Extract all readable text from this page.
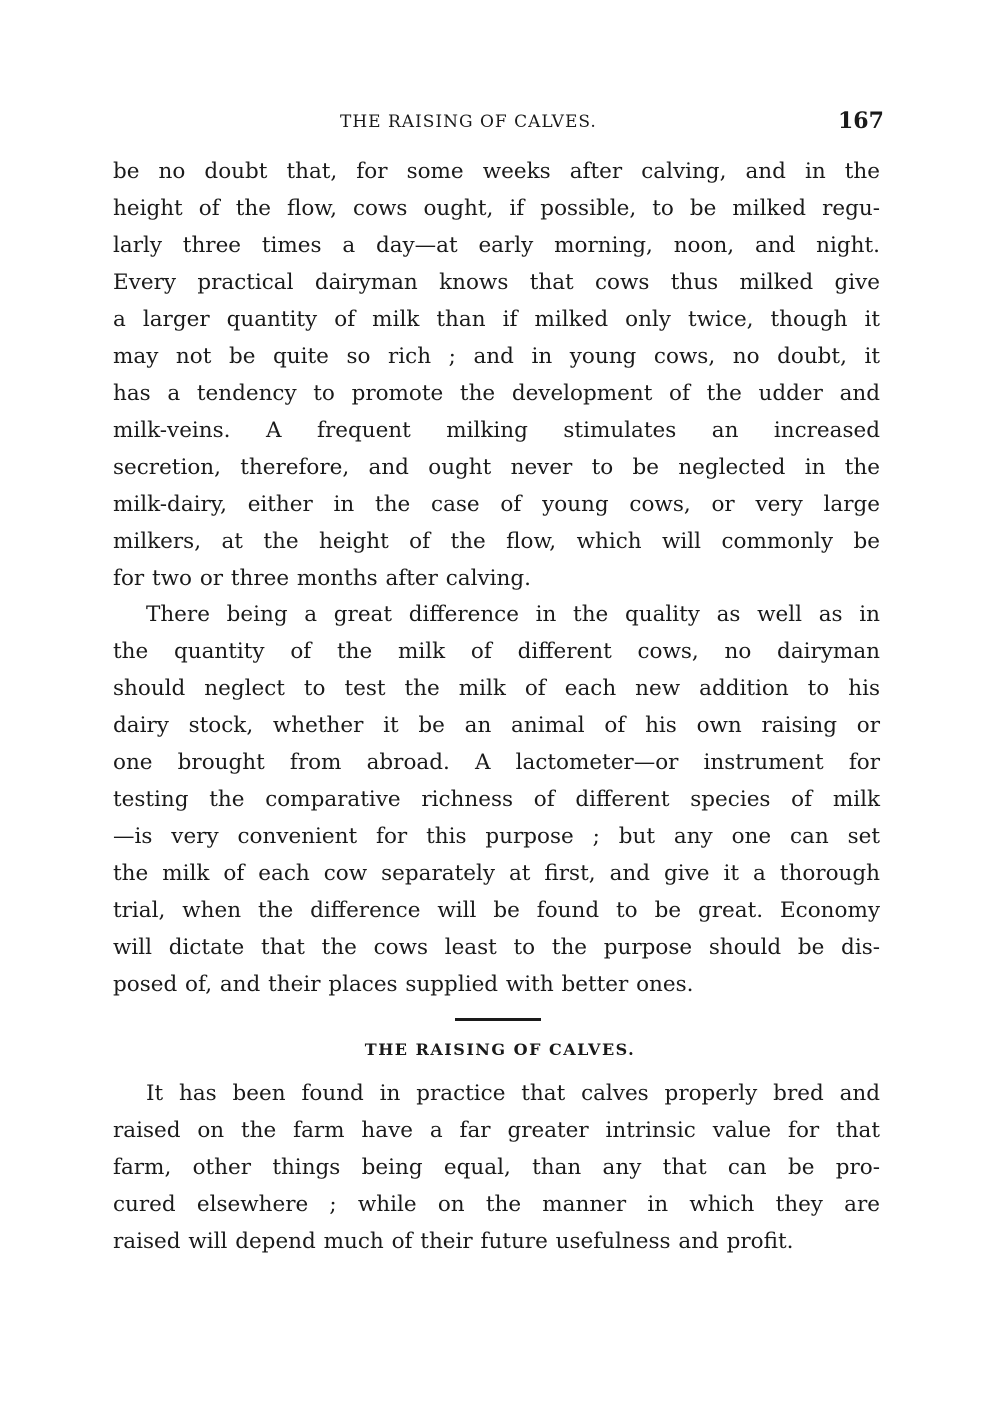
THE RAISING OF CALVES.	167
be no doubt that, for some weeks after calving, and in the
height of the flow, cows ought, if possible, to be milked regu-
larly three times a day—at early morning, noon, and night.
Every practical dairyman knows that cows thus milked give
a larger quantity of milk than if milked only twice, though it
may not be quite so rich ; and in young cows, no doubt, it
has a tendency to promote the development of the udder and
milk-veins. A frequent milking stimulates an increased
secretion, therefore, and ought never to be neglected in the
milk-dairy, either in the case of young cows, or very large
milkers, at the height of the flow, which will commonly be
for two or three months after calving.
There being a great difference in the quality as well as in
the quantity of the milk of different cows, no dairyman
should neglect to test the milk of each new addition to his
dairy stock, whether it be an animal of his own raising or
one brought from abroad. A lactometer—or instrument for
testing the comparative richness of different species of milk
—is very convenient for this purpose ; but any one can set
the milk of each cow separately at first, and give it a thorough
trial, when the difference will be found to be great. Economy
will dictate that the cows least to the purpose should be dis-
posed of, and their places supplied with better ones.
THE RAISING OF CALVES.
It has been found in practice that calves properly bred and
raised on the farm have a far greater intrinsic value for that
farm, other things being equal, than any that can be pro-
cured elsewhere ; while on the manner in which they are
raised will depend much of their future usefulness and profit.
